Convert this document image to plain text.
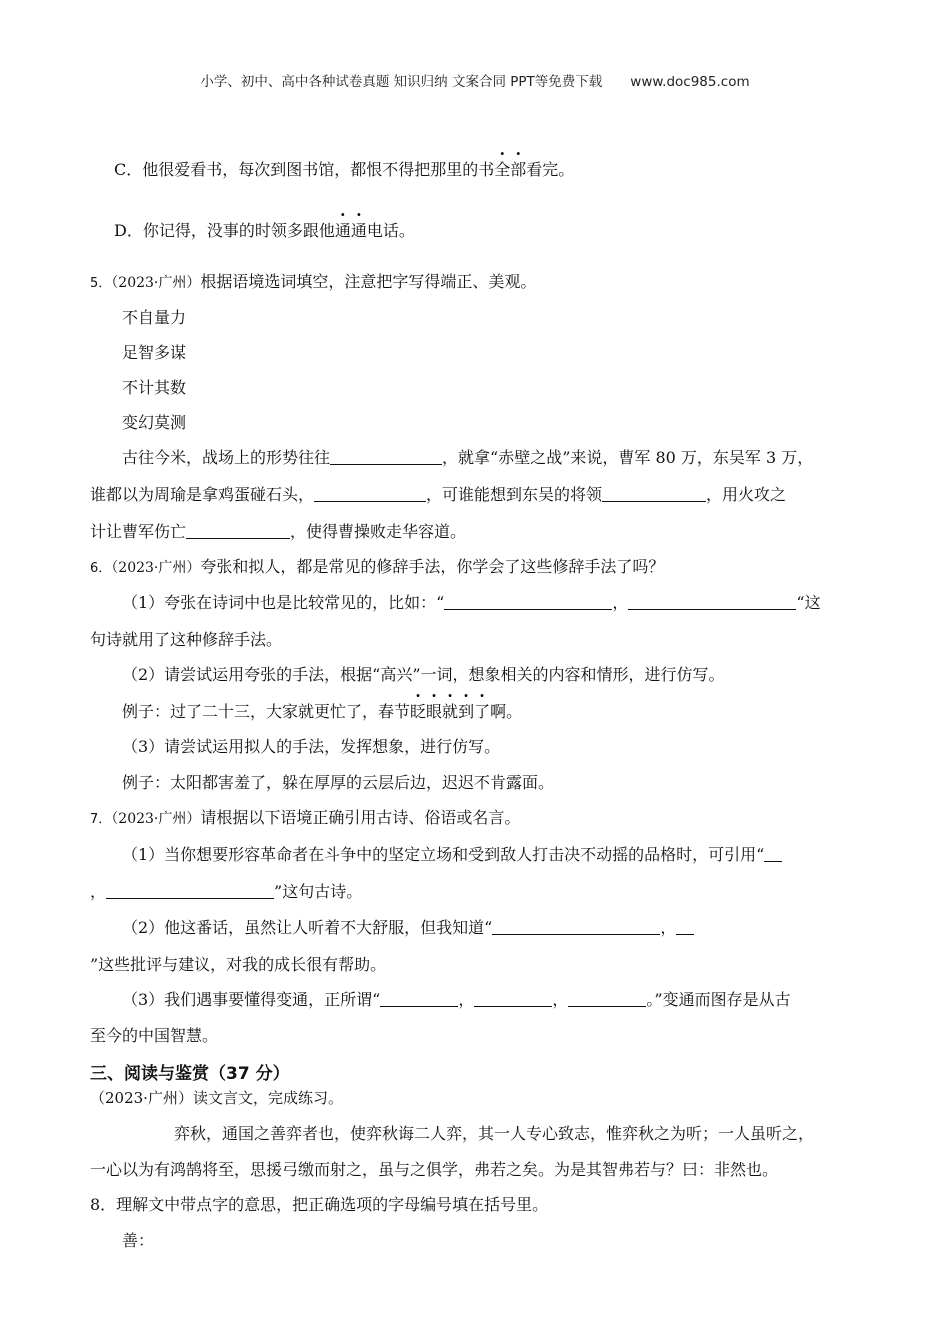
小学、初中、高中各种试卷真题 知识归纳 文案合同 PPT等免费下载 www.doc985.com
C．他很爱看书，每次到图书馆，都恨不得把那里的书全部看完。
D．你记得，没事的时领多跟他通通电话。
5．（2023·广州）根据语境选词填空，注意把字写得端正、美观。
不自量力
足智多谋
不计其数
变幻莫测
古往今米，战场上的形势往往	，就拿“赤壁之战”来说，曹军 80 万，东吴军 3 万，
谁都以为周瑜是拿鸡蛋碰石头，	，可谁能想到东吴的将领	，用火攻之
计让曹军伤亡	，使得曹操败走华容道。
6．（2023·广州）夸张和拟人，都是常见的修辞手法，你学会了这些修辞手法了吗？
（1）夸张在诗词中也是比较常见的，比如：“	，	“这
句诗就用了这种修辞手法。
（2）请尝试运用夸张的手法，根据“高兴”一词，想象相关的内容和情形，进行仿写。
例子：过了二十三，大家就更忙了，春节眨眼就到了啊。
（3）请尝试运用拟人的手法，发挥想象，进行仿写。
例子：太阳都害羞了，躲在厚厚的云层后边，迟迟不肯露面。
7．（2023·广州）请根据以下语境正确引用古诗、俗语或名言。
（1）当你想要形容革命者在斗争中的坚定立场和受到敌人打击决不动摇的品格时，可引用“
，	”这句古诗。
（2）他这番话，虽然让人听着不大舒服，但我知道“	，
”这些批评与建议，对我的成长很有帮助。
（3）我们遇事要懂得变通，正所谓“	，	，	。”变通而图存是从古
至今的中国智慧。
三、阅读与鉴赏（37 分）
（2023·广州）读文言文，完成练习。
弈秋，通国之善弈者也，使弈秋诲二人弈，其一人专心致志，惟弈秋之为听；一人虽听之，
一心以为有鸿鹄将至，思援弓缴而射之，虽与之俱学，弗若之矣。为是其智弗若与？曰：非然也。
8．理解文中带点字的意思，把正确选项的字母编号填在括号里。
善：
